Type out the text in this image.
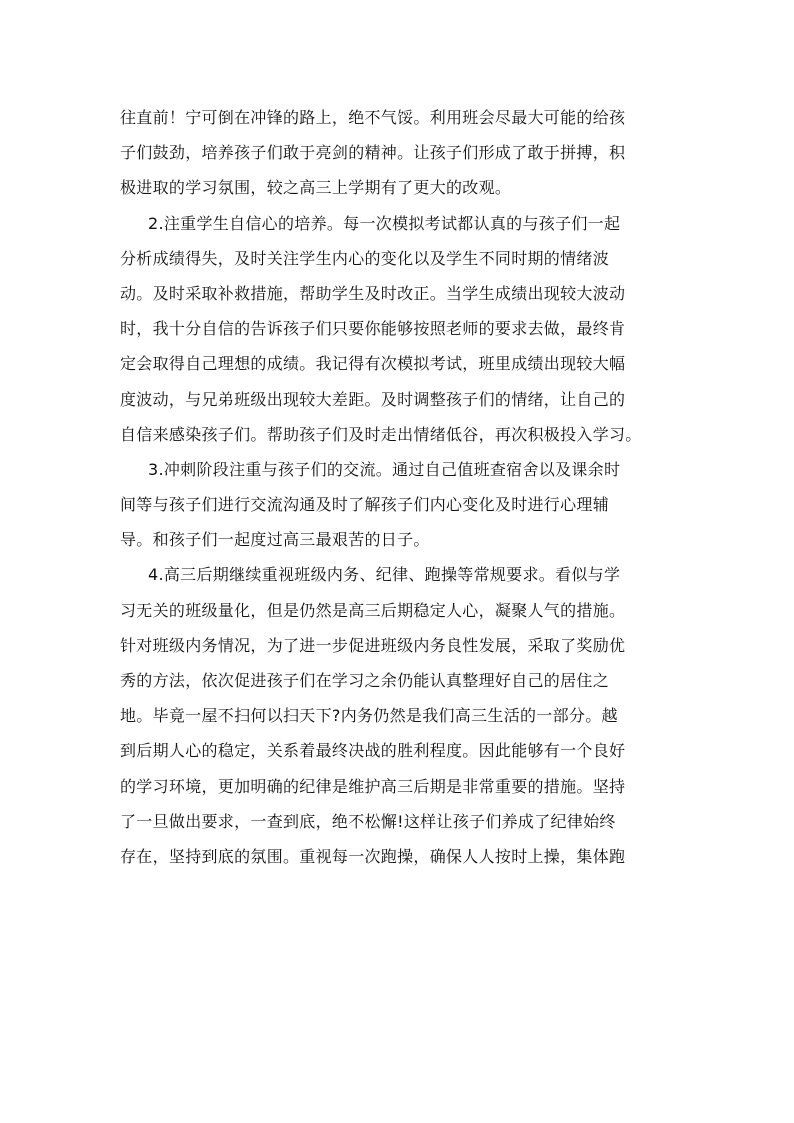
往直前！宁可倒在冲锋的路上，绝不气馁。利用班会尽最大可能的给孩
子们鼓劲，培养孩子们敢于亮剑的精神。让孩子们形成了敢于拼搏，积
极进取的学习氛围，较之高三上学期有了更大的改观。
2.注重学生自信心的培养。每一次模拟考试都认真的与孩子们一起
分析成绩得失，及时关注学生内心的变化以及学生不同时期的情绪波
动。及时采取补救措施，帮助学生及时改正。当学生成绩出现较大波动
时，我十分自信的告诉孩子们只要你能够按照老师的要求去做，最终肯
定会取得自己理想的成绩。我记得有次模拟考试，班里成绩出现较大幅
度波动，与兄弟班级出现较大差距。及时调整孩子们的情绪，让自己的
自信来感染孩子们。帮助孩子们及时走出情绪低谷，再次积极投入学习。
3.冲刺阶段注重与孩子们的交流。通过自己值班查宿舍以及课余时
间等与孩子们进行交流沟通及时了解孩子们内心变化及时进行心理辅
导。和孩子们一起度过高三最艰苦的日子。
4.高三后期继续重视班级内务、纪律、跑操等常规要求。看似与学
习无关的班级量化，但是仍然是高三后期稳定人心，凝聚人气的措施。
针对班级内务情况，为了进一步促进班级内务良性发展，采取了奖励优
秀的方法，依次促进孩子们在学习之余仍能认真整理好自己的居住之
地。毕竟一屋不扫何以扫天下?内务仍然是我们高三生活的一部分。越
到后期人心的稳定，关系着最终决战的胜利程度。因此能够有一个良好
的学习环境，更加明确的纪律是维护高三后期是非常重要的措施。坚持
了一旦做出要求，一查到底，绝不松懈!这样让孩子们养成了纪律始终
存在，坚持到底的氛围。重视每一次跑操，确保人人按时上操，集体跑
